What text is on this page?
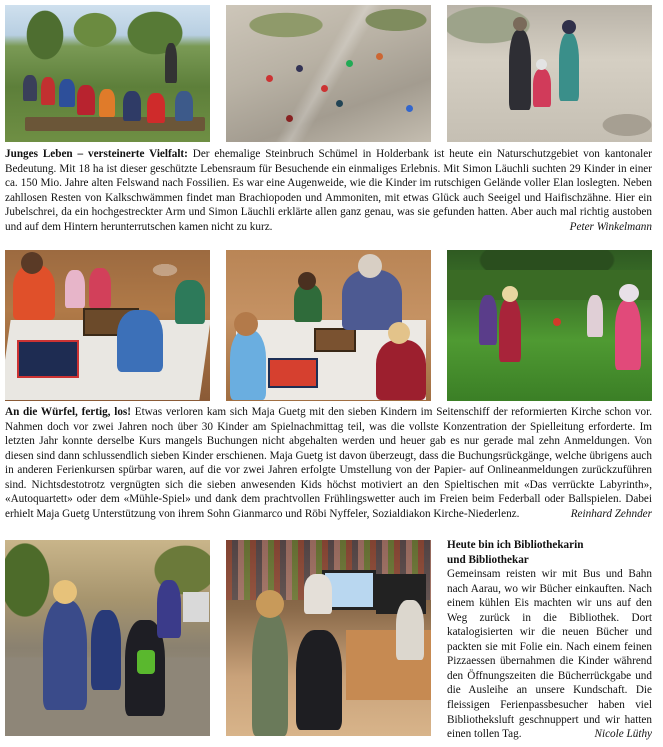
Junges Leben – versteinerte Vielfalt: Der ehemalige Steinbruch Schümel in Holderbank ist heute ein Naturschutzgebiet von kantonaler Bedeutung. Mit 18 ha ist dieser geschützte Lebensraum für Besuchende ein einmaliges Erlebnis. Mit Simon Läuchli suchten 29 Kinder in einer ca. 150 Mio. Jahre alten Felswand nach Fossilien. Es war eine Augenweide, wie die Kinder im rutschigen Gelände voller Elan loslegten. Neben zahllosen Resten von Kalkschwämmen findet man Brachiopoden und Ammoniten, mit etwas Glück auch Seeigel und Haifischzähne. Hier ein Jubelschrei, da ein hochgestreckter Arm und Simon Läuchli erklärte allen ganz genau, was sie gefunden hatten. Aber auch mal richtig austoben und auf dem Hintern herunterrutschen kamen nicht zu kurz.	Peter Winkelmann
An die Würfel, fertig, los! Etwas verloren kam sich Maja Guetg mit den sieben Kindern im Seitenschiff der reformierten Kirche schon vor. Nahmen doch vor zwei Jahren noch über 30 Kinder am Spielnachmittag teil, was die vollste Konzentration der Spielleitung erforderte. Im letzten Jahr konnte derselbe Kurs mangels Buchungen nicht abgehalten werden und heuer gab es nur gerade mal zehn Anmeldungen. Von diesen sind dann schlussendlich sieben Kinder erschienen. Maja Guetg ist davon überzeugt, dass die Buchungsrückgänge, welche übrigens auch in anderen Ferienkursen spürbar waren, auf die vor zwei Jahren erfolgte Umstellung von der Papier- auf Onlineanmeldungen zurückzuführen sind. Nichtsdestotrotz vergnügten sich die sieben anwesenden Kids höchst motiviert an den Spieltischen mit «Das verrückte Labyrinth», «Autoquartett» oder dem «Mühle-Spiel» und dank dem prachtvollen Frühlingswetter auch im Freien beim Federball oder Ballspielen. Dabei erhielt Maja Guetg Unterstützung von ihrem Sohn Gianmarco und Röbi Nyffeler, Sozialdiakon Kirche-Niederlenz.	Reinhard Zehnder
Heute bin ich Bibliothekarin
und Bibliothekar
Gemeinsam reisten wir mit Bus und Bahn nach Aarau, wo wir Bücher einkauften. Nach einem kühlen Eis machten wir uns auf den Weg zurück in die Bibliothek. Dort katalogisierten wir die neuen Bücher und packten sie mit Folie ein. Nach einem feinen Pizzaessen übernahmen die Kinder während den Öffnungszeiten die Bücherrückgabe und die Ausleihe an unsere Kundschaft. Die fleissigen Ferienpassbesucher haben viel Bibliotheksluft geschnuppert und wir hatten einen tollen Tag.	Nicole Lüthy
